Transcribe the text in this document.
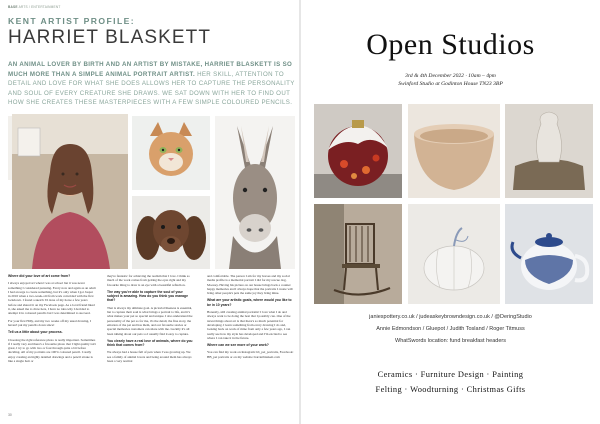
BASE ARTS / ENTERTAINMENT
KENT ARTIST PROFILE:
HARRIET BLASKETT
AN ANIMAL LOVER BY BIRTH AND AN ARTIST BY MISTAKE, HARRIET BLASKETT IS SO MUCH MORE THAN A SIMPLE ANIMAL PORTRAIT ARTIST. HER SKILL, ATTENTION TO DETAIL AND LOVE FOR WHAT SHE DOES ALLOWS HER TO CAPTURE THE PERSONALITY AND SOUL OF EVERY CREATURE SHE DRAWS. WE SAT DOWN WITH HER TO FIND OUT HOW SHE CREATES THESE MASTERPIECES WITH A FEW SIMPLE COLOURED PENCILS.

Where did your love of art come from?

I always enjoyed art when I was at school but it was never something I considered pursuing. Every now and again as an adult I had an urge to create something, but it's only when I got Jaspar in 2016 when a two-week-old from work coincided with the first lockdown. I found a sketch I'd done of my horse a few years before and shared it on my Facebook page. As a local friend liked it, she asked me to draw hers, I have no idea why I decided to attempt it in coloured pencils but I was determined to succeed.

For your first Hilly, and my two weeks off my usual drawing, I haven't put my pencils down since!

Tell us a little about your process.

Choosing the right reference photo is really important. Sometimes if I really vary and there's a favourite photo that I light quality isn't great, I try to go with two or four through quite a bit before deciding. All of my portraits are 100% coloured pencil. I really enjoy creating an highly detailed drawings and a pencil stroke is like a single hair or

they're fantastic for achieving the realism that I love. I think so much of the work comes from getting the eyes right and my favourite thing to draw is an eye with a beautiful reflection.

The way you're able to capture the soul of your subject is amazing. How do you think you manage that?

That is always my ultimate goal. A pictorial likeness is essential, but to capture their soul is what brings a portrait to life, and it's what makes your pet so special and unique. I also understand the personality of the pet so for me, it's the detail, the fine story, the emotion of the pet and has them, and our favourite stories or special memories customers can share with me. Luckily it's all been talking about our pets so I usually find it easy to capture.

You clearly have a real love of animals, where do you think that comes from?

We always had a house full of pets when I was growing up. We see a family of animal lovers and being around them has always been a very normal

and comfortable. The person I am for my horses and my social media profile is a memorial portrait I did for my rescue dog, Mooney. Having his picture on our house brings back a counter happy memories and I always hope that the portraits I create will bring other people's pets the same joy they bring mine.

What are your artistic goals, where would you like to be in 10 years?

Honestly, still creating animal portraits! I love what I do and always want to be doing the best that I possibly can. One of the nicest things about art is that there's so much potential for developing. I learn something from every drawing I do and, looking back on work of mine from only a few years ago, I can really see how my style has developed and I'm excited to see where I can take it in the future.

Where can we see more of your work?

You can find my work on Instagram: hb_pet_portraits, Facebook: HB_pet portraits or on my website: harrietblaskett.com

30
Open Studios
3rd & 4th December 2022 · 10am – 4pm
Swinford Studio at Godinton House TN23 3BP
janiespottery.co.uk / judeaskeybrowndesign.co.uk / @DeringStudio
Annie Edmondson / Gluepot / Judith Tosland / Roger Titmuss
WhatSwords location: fund breakfast headers
Ceramics · Furniture Design · Painting
Felting · Woodturning · Christmas Gifts
